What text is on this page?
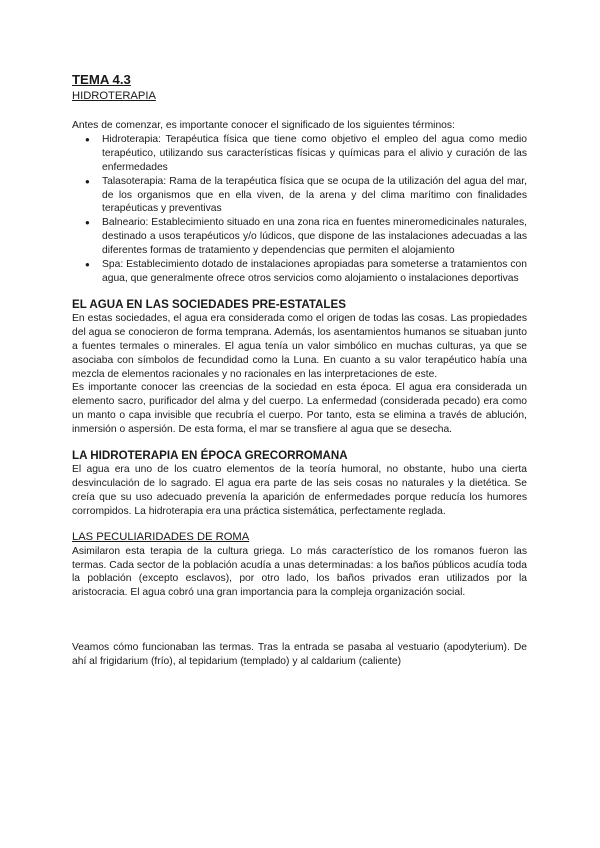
TEMA 4.3
HIDROTERAPIA

Antes de comenzar, es importante conocer el significado de los siguientes términos:

● Hidroterapia: Terapéutica física que tiene como objetivo el empleo del agua como medio terapéutico, utilizando sus características físicas y químicas para el alivio y curación de las enfermedades
● Talasoterapia: Rama de la terapéutica física que se ocupa de la utilización del agua del mar, de los organismos que en ella viven, de la arena y del clima marítimo con finalidades terapéuticas y preventivas
● Balneario: Establecimiento situado en una zona rica en fuentes mineromedicinales naturales, destinado a usos terapéuticos y/o lúdicos, que dispone de las instalaciones adecuadas a las diferentes formas de tratamiento y dependencias que permiten el alojamiento
● Spa: Establecimiento dotado de instalaciones apropiadas para someterse a tratamientos con agua, que generalmente ofrece otros servicios como alojamiento o instalaciones deportivas
EL AGUA EN LAS SOCIEDADES PRE-ESTATALES

En estas sociedades, el agua era considerada como el origen de todas las cosas. Las propiedades del agua se conocieron de forma temprana. Además, los asentamientos humanos se situaban junto a fuentes termales o minerales. El agua tenía un valor simbólico en muchas culturas, ya que se asociaba con símbolos de fecundidad como la Luna. En cuanto a su valor terapéutico había una mezcla de elementos racionales y no racionales en las interpretaciones de este.

Es importante conocer las creencias de la sociedad en esta época. El agua era considerada un elemento sacro, purificador del alma y del cuerpo. La enfermedad (considerada pecado) era como un manto o capa invisible que recubría el cuerpo. Por tanto, esta se elimina a través de ablución, inmersión o aspersión. De esta forma, el mar se transfiere al agua que se desecha.

LA HIDROTERAPIA EN ÉPOCA GRECORROMANA

El agua era uno de los cuatro elementos de la teoría humoral, no obstante, hubo una cierta desvinculación de lo sagrado. El agua era parte de las seis cosas no naturales y la dietética. Se creía que su uso adecuado prevenía la aparición de enfermedades porque reducía los humores corrompidos. La hidroterapia era una práctica sistemática, perfectamente reglada.

LAS PECULIARIDADES DE ROMA

Asimilaron esta terapia de la cultura griega. Lo más característico de los romanos fueron las termas. Cada sector de la población acudía a unas determinadas: a los baños públicos acudía toda la población (excepto esclavos), por otro lado, los baños privados eran utilizados por la aristocracia. El agua cobró una gran importancia para la compleja organización social.

Veamos cómo funcionaban las termas. Tras la entrada se pasaba al vestuario (apodyterium). De ahí al frigidarium (frío), al tepidarium (templado) y al caldarium (caliente)
